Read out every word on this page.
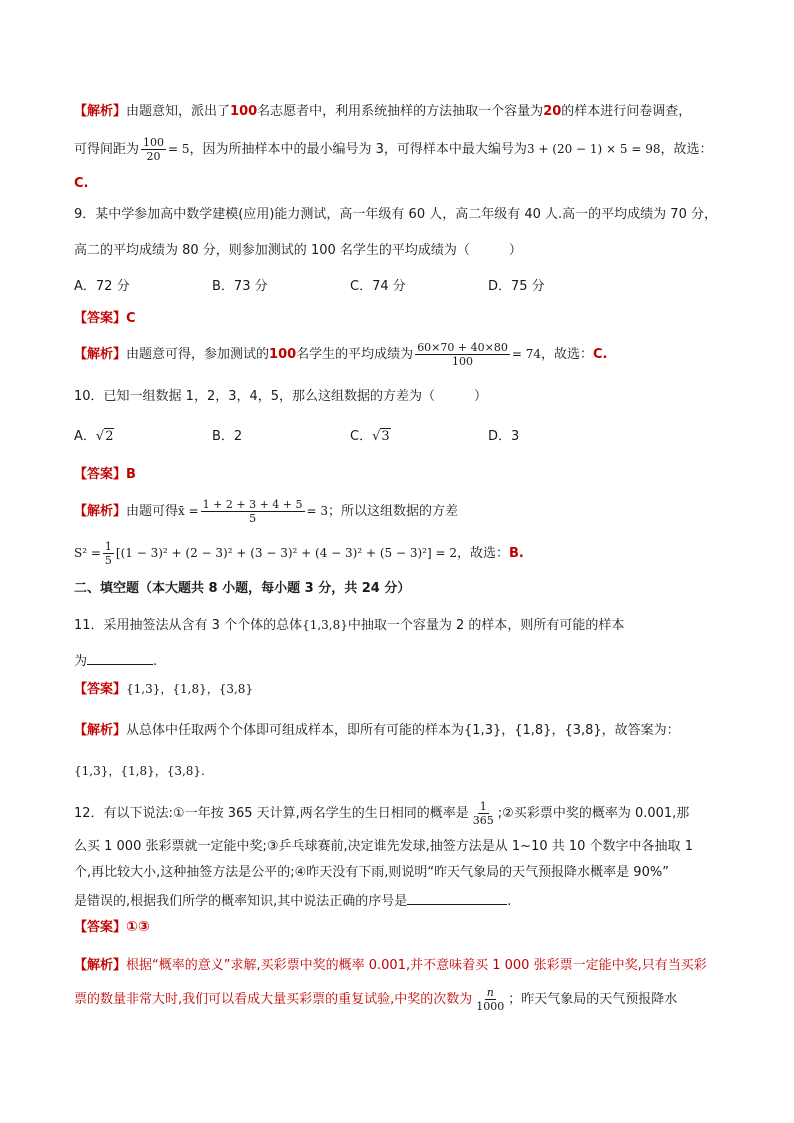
【解析】由题意知，派出了100名志愿者中，利用系统抽样的方法抽取一个容量为20的样本进行问卷调查，
可得间距为 $\frac{100}{20} = 5$，因为所抽样本中的最小编号为 3，可得样本中最大编号为3 + (20 − 1) × 5 = 98，故选：
C.
9．某中学参加高中数学建模(应用)能力测试，高一年级有 60 人，高二年级有 40 人.高一的平均成绩为 70 分，
高二的平均成绩为 80 分，则参加测试的 100 名学生的平均成绩为（　　　）
A．72 分	B．73 分	C．74 分	D．75 分
【答案】C
【解析】由题意可得，参加测试的100名学生的平均成绩为 $\frac{60\times 70 + 40\times 80}{100} = 74$，故选：C.
10．已知一组数据 1，2，3，4，5，那么这组数据的方差为（　　　）
A．√2	B．2	C．√3	D．3
【答案】B
【解析】由题可得x̄ = $\frac{1 + 2 + 3 + 4 + 5}{5} = 3$；所以这组数据的方差
$S^2 = \frac{1}{5} [(1 - 3)^2 + (2 - 3)^2 + (3 - 3)^2 + (4 - 3)^2 + (5 - 3)^2] = 2$，故选：B.
二、填空题（本大题共 8 小题，每小题 3 分，共 24 分）
11．采用抽签法从含有 3 个个体的总体{1,3,8}中抽取一个容量为 2 的样本，则所有可能的样本
为	.
【答案】{1,3}，{1,8}，{3,8}
【解析】从总体中任取两个个体即可组成样本，即所有可能的样本为{1,3}，{1,8}，{3,8}，故答案为：
{1,3}，{1,8}，{3,8}.
12．有以下说法:①一年按 365 天计算,两名学生的生日相同的概率是 $\frac{1}{365}$ ;②买彩票中奖的概率为 0.001,那
么买 1 000 张彩票就一定能中奖;③乒乓球赛前,决定谁先发球,抽签方法是从 1~10 共 10 个数字中各抽取 1
个,再比较大小,这种抽签方法是公平的;④昨天没有下雨,则说明“昨天气象局的天气预报降水概率是 90%”
是错误的,根据我们所学的概率知识,其中说法正确的序号是	.
【答案】①③
【解析】根据“概率的意义”求解,买彩票中奖的概率 0.001,并不意味着买 1 000 张彩票一定能中奖,只有当买彩
票的数量非常大时,我们可以看成大量买彩票的重复试验,中奖的次数为 $\frac{n}{1000}$ ；昨天气象局的天气预报降水
